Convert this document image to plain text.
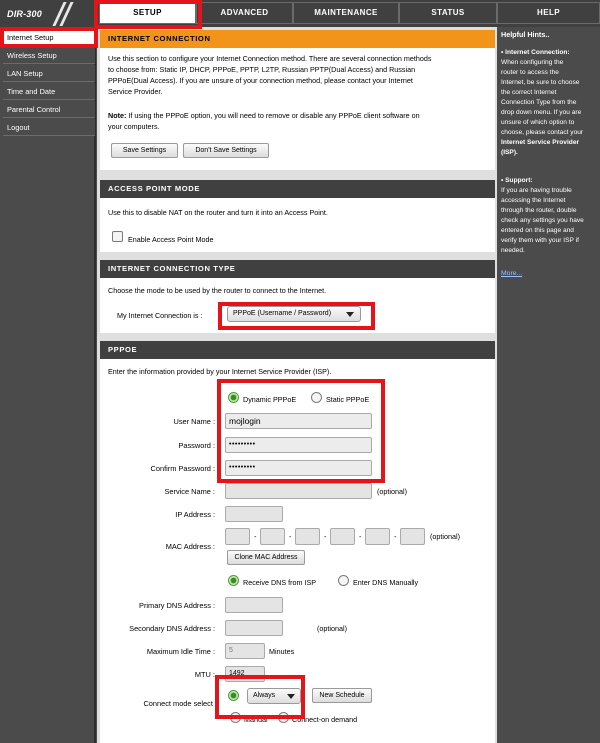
DIR-300	SETUP	ADVANCED	MAINTENANCE	STATUS	HELP
Internet Setup
Wireless Setup
LAN Setup
Time and Date
Parental Control
Logout
INTERNET CONNECTION
Use this section to configure your Internet Connection method. There are several connection methods
to choose from: Static IP, DHCP, PPPoE, PPTP, L2TP, Russian PPTP(Dual Access) and Russian
PPPoE(Dual Access). If you are unsure of your connection method, please contact your Internet
Service Provider.
Note: If using the PPPoE option, you will need to remove or disable any PPPoE client software on
your computers.
Save Settings	Don't Save Settings
ACCESS POINT MODE
Use this to disable NAT on the router and turn it into an Access Point.
Enable Access Point Mode
INTERNET CONNECTION TYPE
Choose the mode to be used by the router to connect to the Internet.
My Internet Connection is :	PPPoE (Username / Password)
PPPOE
Enter the information provided by your Internet Service Provider (ISP).
Dynamic PPPoE	Static PPPoE
User Name :	mojlogin
Password :	•••••••••
Confirm Password :	•••••••••
Service Name :	(optional)
IP Address :
MAC Address :
-	-	-	-	-	(optional)
Clone MAC Address
Receive DNS from ISP	Enter DNS Manually
Primary DNS Address :
Secondary DNS Address :	(optional)
Maximum Idle Time :	5	Minutes
MTU :	1492
Connect mode select :
Always	New Schedule
Manual	Connect-on demand
Helpful Hints..
• Internet Connection:
When configuring the
router to access the
Internet, be sure to choose
the correct Internet
Connection Type from the
drop down menu. If you are
unsure of which option to
choose, please contact your
Internet Service Provider
(ISP).
• Support:
If you are having trouble
accessing the Internet
through the router, double
check any settings you have
entered on this page and
verify them with your ISP if
needed.
More...
